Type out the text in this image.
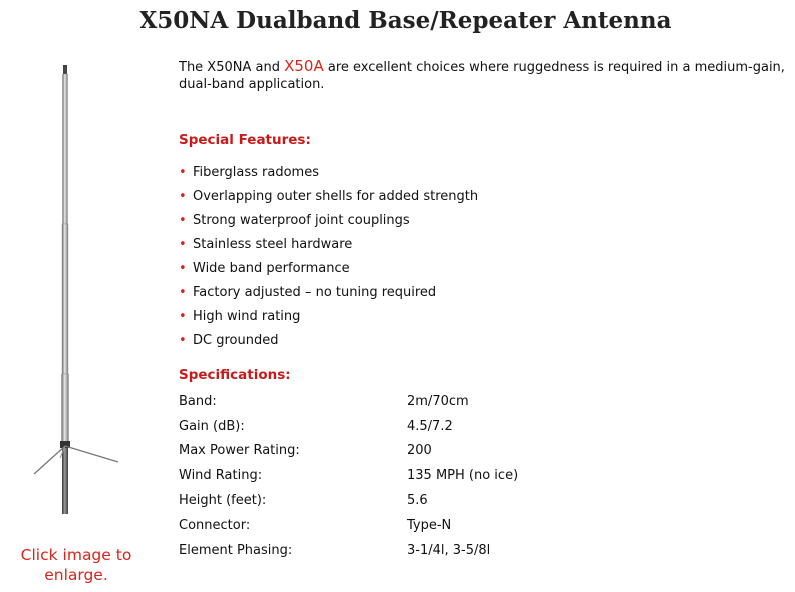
X50NA Dualband Base/Repeater Antenna
Click image to enlarge.

The X50NA and X50A are excellent choices where ruggedness is required in a medium-gain, dual-band application.

Special Features:
• Fiberglass radomes
• Overlapping outer shells for added strength
• Strong waterproof joint couplings
• Stainless steel hardware
• Wide band performance
• Factory adjusted – no tuning required
• High wind rating
• DC grounded
Specifications:
Band:	2m/70cm
Gain (dB):	4.5/7.2
Max Power Rating:	200
Wind Rating:	135 MPH (no ice)
Height (feet):	5.6
Connector:	Type-N
Element Phasing:	3-1/4l, 3-5/8l
